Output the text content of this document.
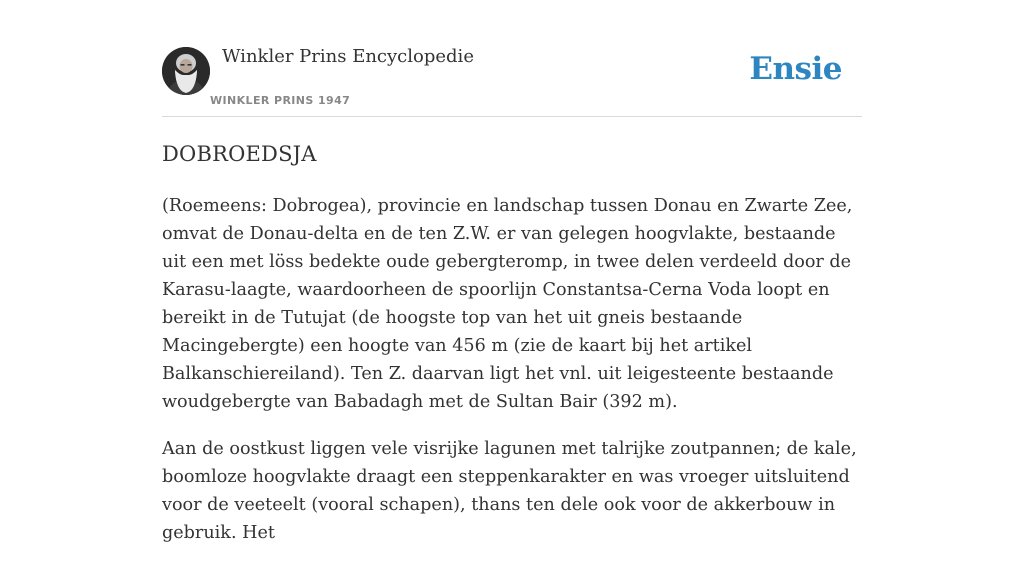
Winkler Prins Encyclopedie
WINKLER PRINS 1947
Ensie
DOBROEDSJA

(Roemeens: Dobrogea), provincie en landschap tussen Donau en Zwarte Zee, omvat de Donau-delta en de ten Z.W. er van gelegen hoogvlakte, bestaande uit een met löss bedekte oude gebergteromp, in twee delen verdeeld door de Karasu-laagte, waardoorheen de spoorlijn Constantsa-Cerna Voda loopt en bereikt in de Tutujat (de hoogste top van het uit gneis bestaande Macingebergte) een hoogte van 456 m (zie de kaart bij het artikel Balkanschiereiland). Ten Z. daarvan ligt het vnl. uit leigesteente bestaande woudgebergte van Babadagh met de Sultan Bair (392 m).

Aan de oostkust liggen vele visrijke lagunen met talrijke zoutpannen; de kale, boomloze hoogvlakte draagt een steppenkarakter en was vroeger uitsluitend voor de veeteelt (vooral schapen), thans ten dele ook voor de akkerbouw in gebruik. Het
